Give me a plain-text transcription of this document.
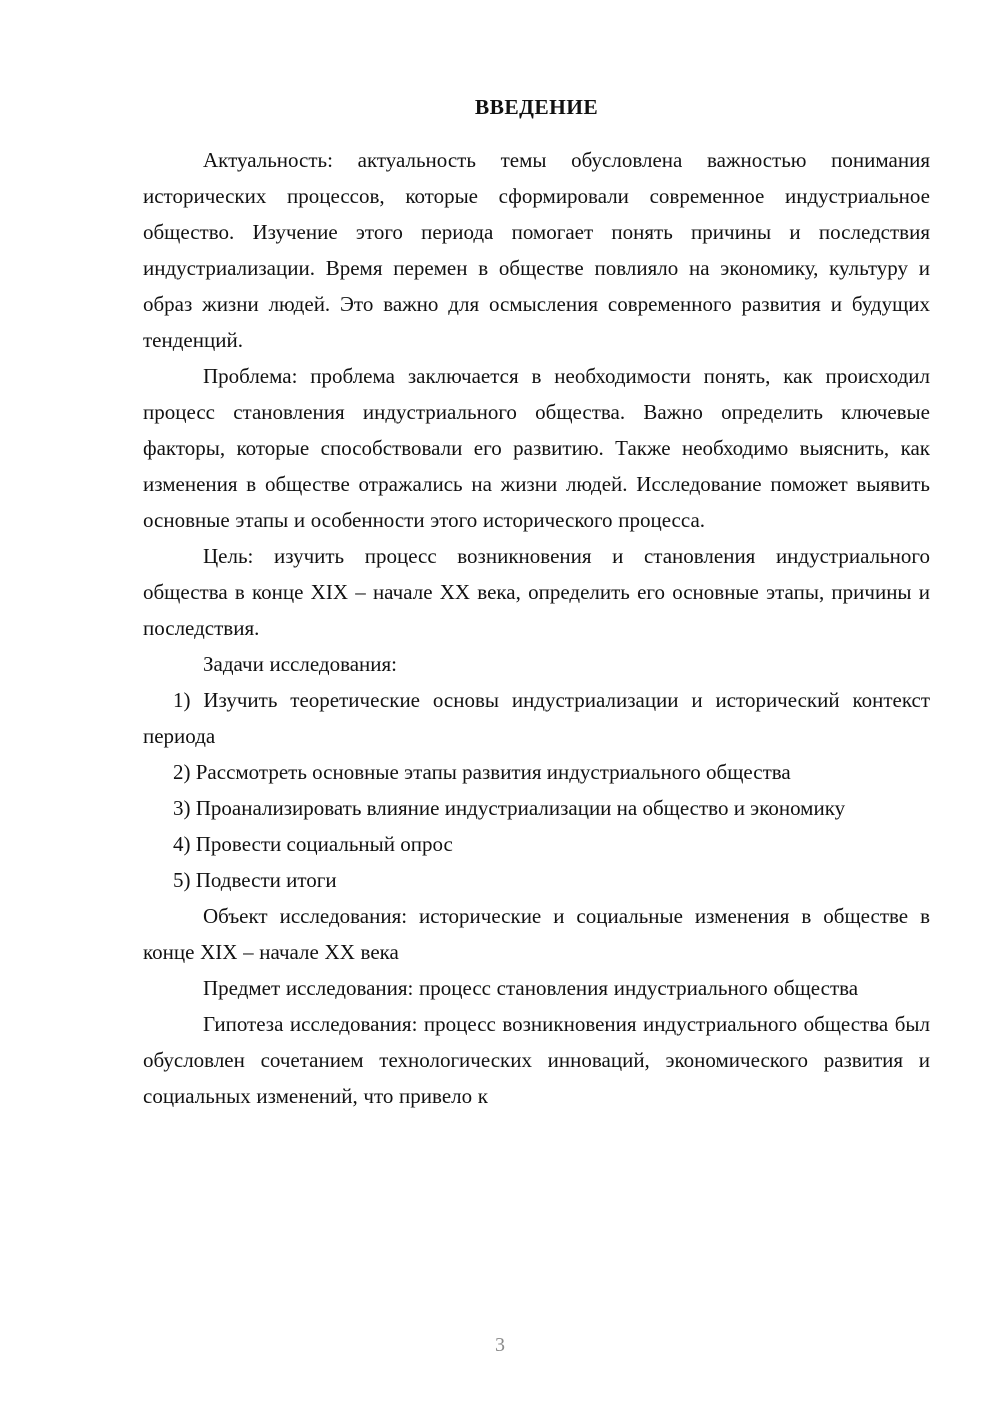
ВВЕДЕНИЕ

Актуальность: актуальность темы обусловлена важностью понимания исторических процессов, которые сформировали современное индустриальное общество. Изучение этого периода помогает понять причины и последствия индустриализации. Время перемен в обществе повлияло на экономику, культуру и образ жизни людей. Это важно для осмысления современного развития и будущих тенденций.

Проблема: проблема заключается в необходимости понять, как происходил процесс становления индустриального общества. Важно определить ключевые факторы, которые способствовали его развитию. Также необходимо выяснить, как изменения в обществе отражались на жизни людей. Исследование поможет выявить основные этапы и особенности этого исторического процесса.

Цель: изучить процесс возникновения и становления индустриального общества в конце XIX – начале XX века, определить его основные этапы, причины и последствия.

Задачи исследования:

1) Изучить теоретические основы индустриализации и исторический контекст периода

2) Рассмотреть основные этапы развития индустриального общества

3) Проанализировать влияние индустриализации на общество и экономику

4) Провести социальный опрос

5) Подвести итоги

Объект исследования: исторические и социальные изменения в обществе в конце XIX – начале XX века

Предмет исследования: процесс становления индустриального общества

Гипотеза исследования: процесс возникновения индустриального общества был обусловлен сочетанием технологических инноваций, экономического развития и социальных изменений, что привело к

3
